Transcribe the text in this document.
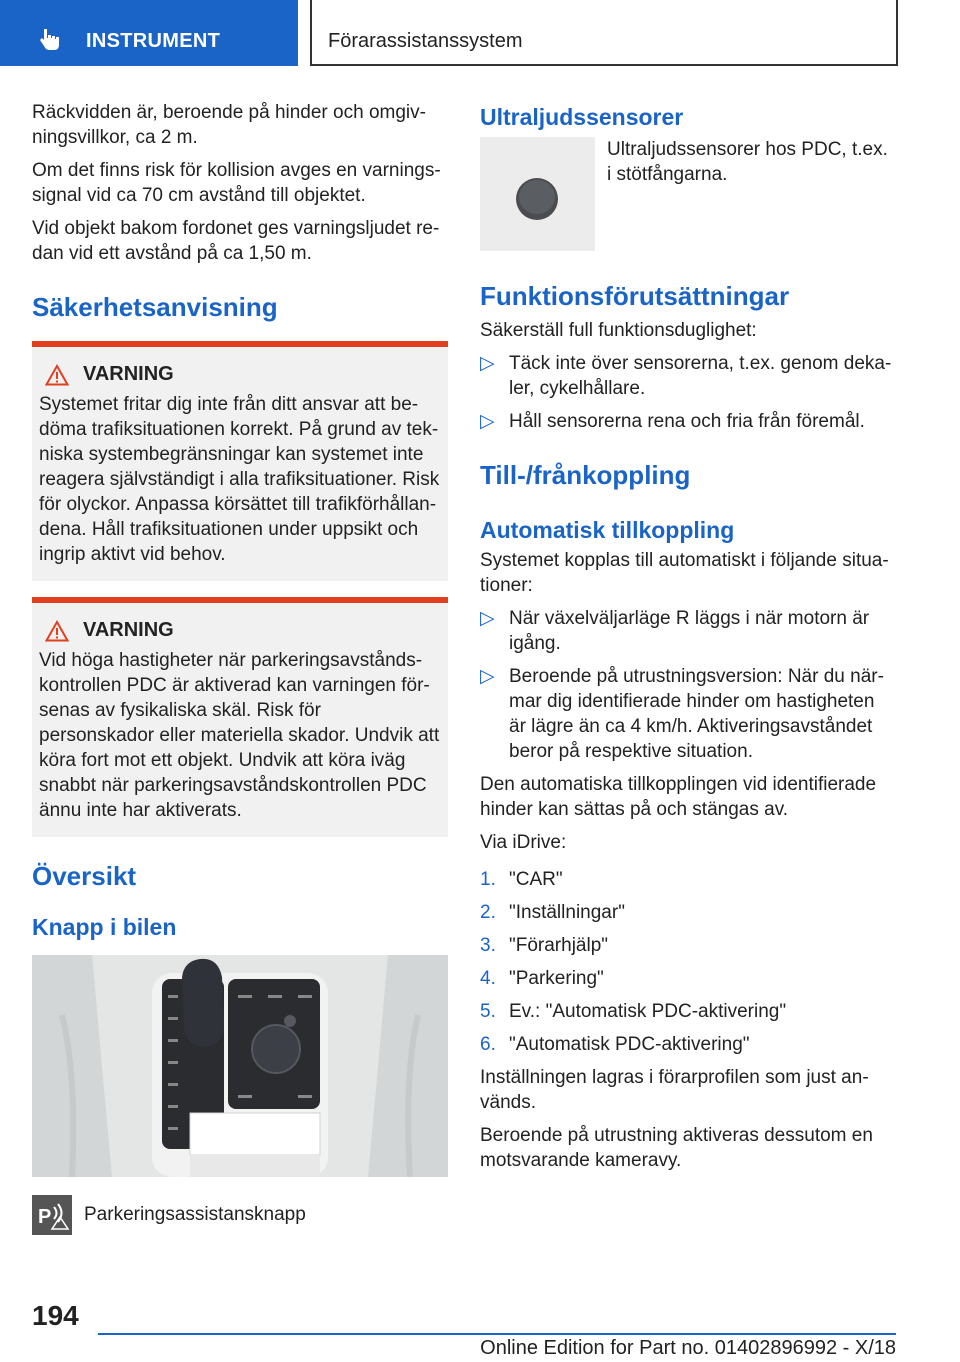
INSTRUMENT	Förarassistanssystem

Räckvidden är, beroende på hinder och omgivningsvillkor, ca 2 m.

Om det finns risk för kollision avges en varningssignal vid ca 70 cm avstånd till objektet.

Vid objekt bakom fordonet ges varningsljudet redan vid ett avstånd på ca 1,50 m.

Säkerhetsanvisning
VARNING

Systemet fritar dig inte från ditt ansvar att bedöma trafiksituationen korrekt. På grund av tekniska systembegränsningar kan systemet inte reagera självständigt i alla trafiksituationer. Risk för olyckor. Anpassa körsättet till trafikförhållandena. Håll trafiksituationen under uppsikt och ingrip aktivt vid behov.

VARNING

Vid höga hastigheter när parkeringsavståndskontrollen PDC är aktiverad kan varningen försenas av fysikaliska skäl. Risk för personskador eller materiella skador. Undvik att köra fort mot ett objekt. Undvik att köra iväg snabbt när parkeringsavståndskontrollen PDC ännu inte har aktiverats.

Översikt
Knapp i bilen
P Parkeringsassistansknapp
Ultraljudssensorer

Ultraljudssensorer hos PDC, t.ex. i stötfångarna.

Funktionsförutsättningar

Säkerställ full funktionsduglighet:

▷ Täck inte över sensorerna, t.ex. genom dekaler, cykelhållare.
▷ Håll sensorerna rena och fria från föremål.
Till-/frånkoppling
Automatisk tillkoppling

Systemet kopplas till automatiskt i följande situationer:

▷ När växelväljarläge R läggs i när motorn är igång.
▷ Beroende på utrustningsversion: När du närmar dig identifierade hinder om hastigheten är lägre än ca 4 km/h. Aktiveringsavståndet beror på respektive situation.

Den automatiska tillkopplingen vid identifierade hinder kan sättas på och stängas av.

Via iDrive:

1. "CAR"
2. "Inställningar"
3. "Förarhjälp"
4. "Parkering"
5. Ev.: "Automatisk PDC-aktivering"
6. "Automatisk PDC-aktivering"

Inställningen lagras i förarprofilen som just används.

Beroende på utrustning aktiveras dessutom en motsvarande kameravy.

194
Online Edition for Part no. 01402896992 - X/18
